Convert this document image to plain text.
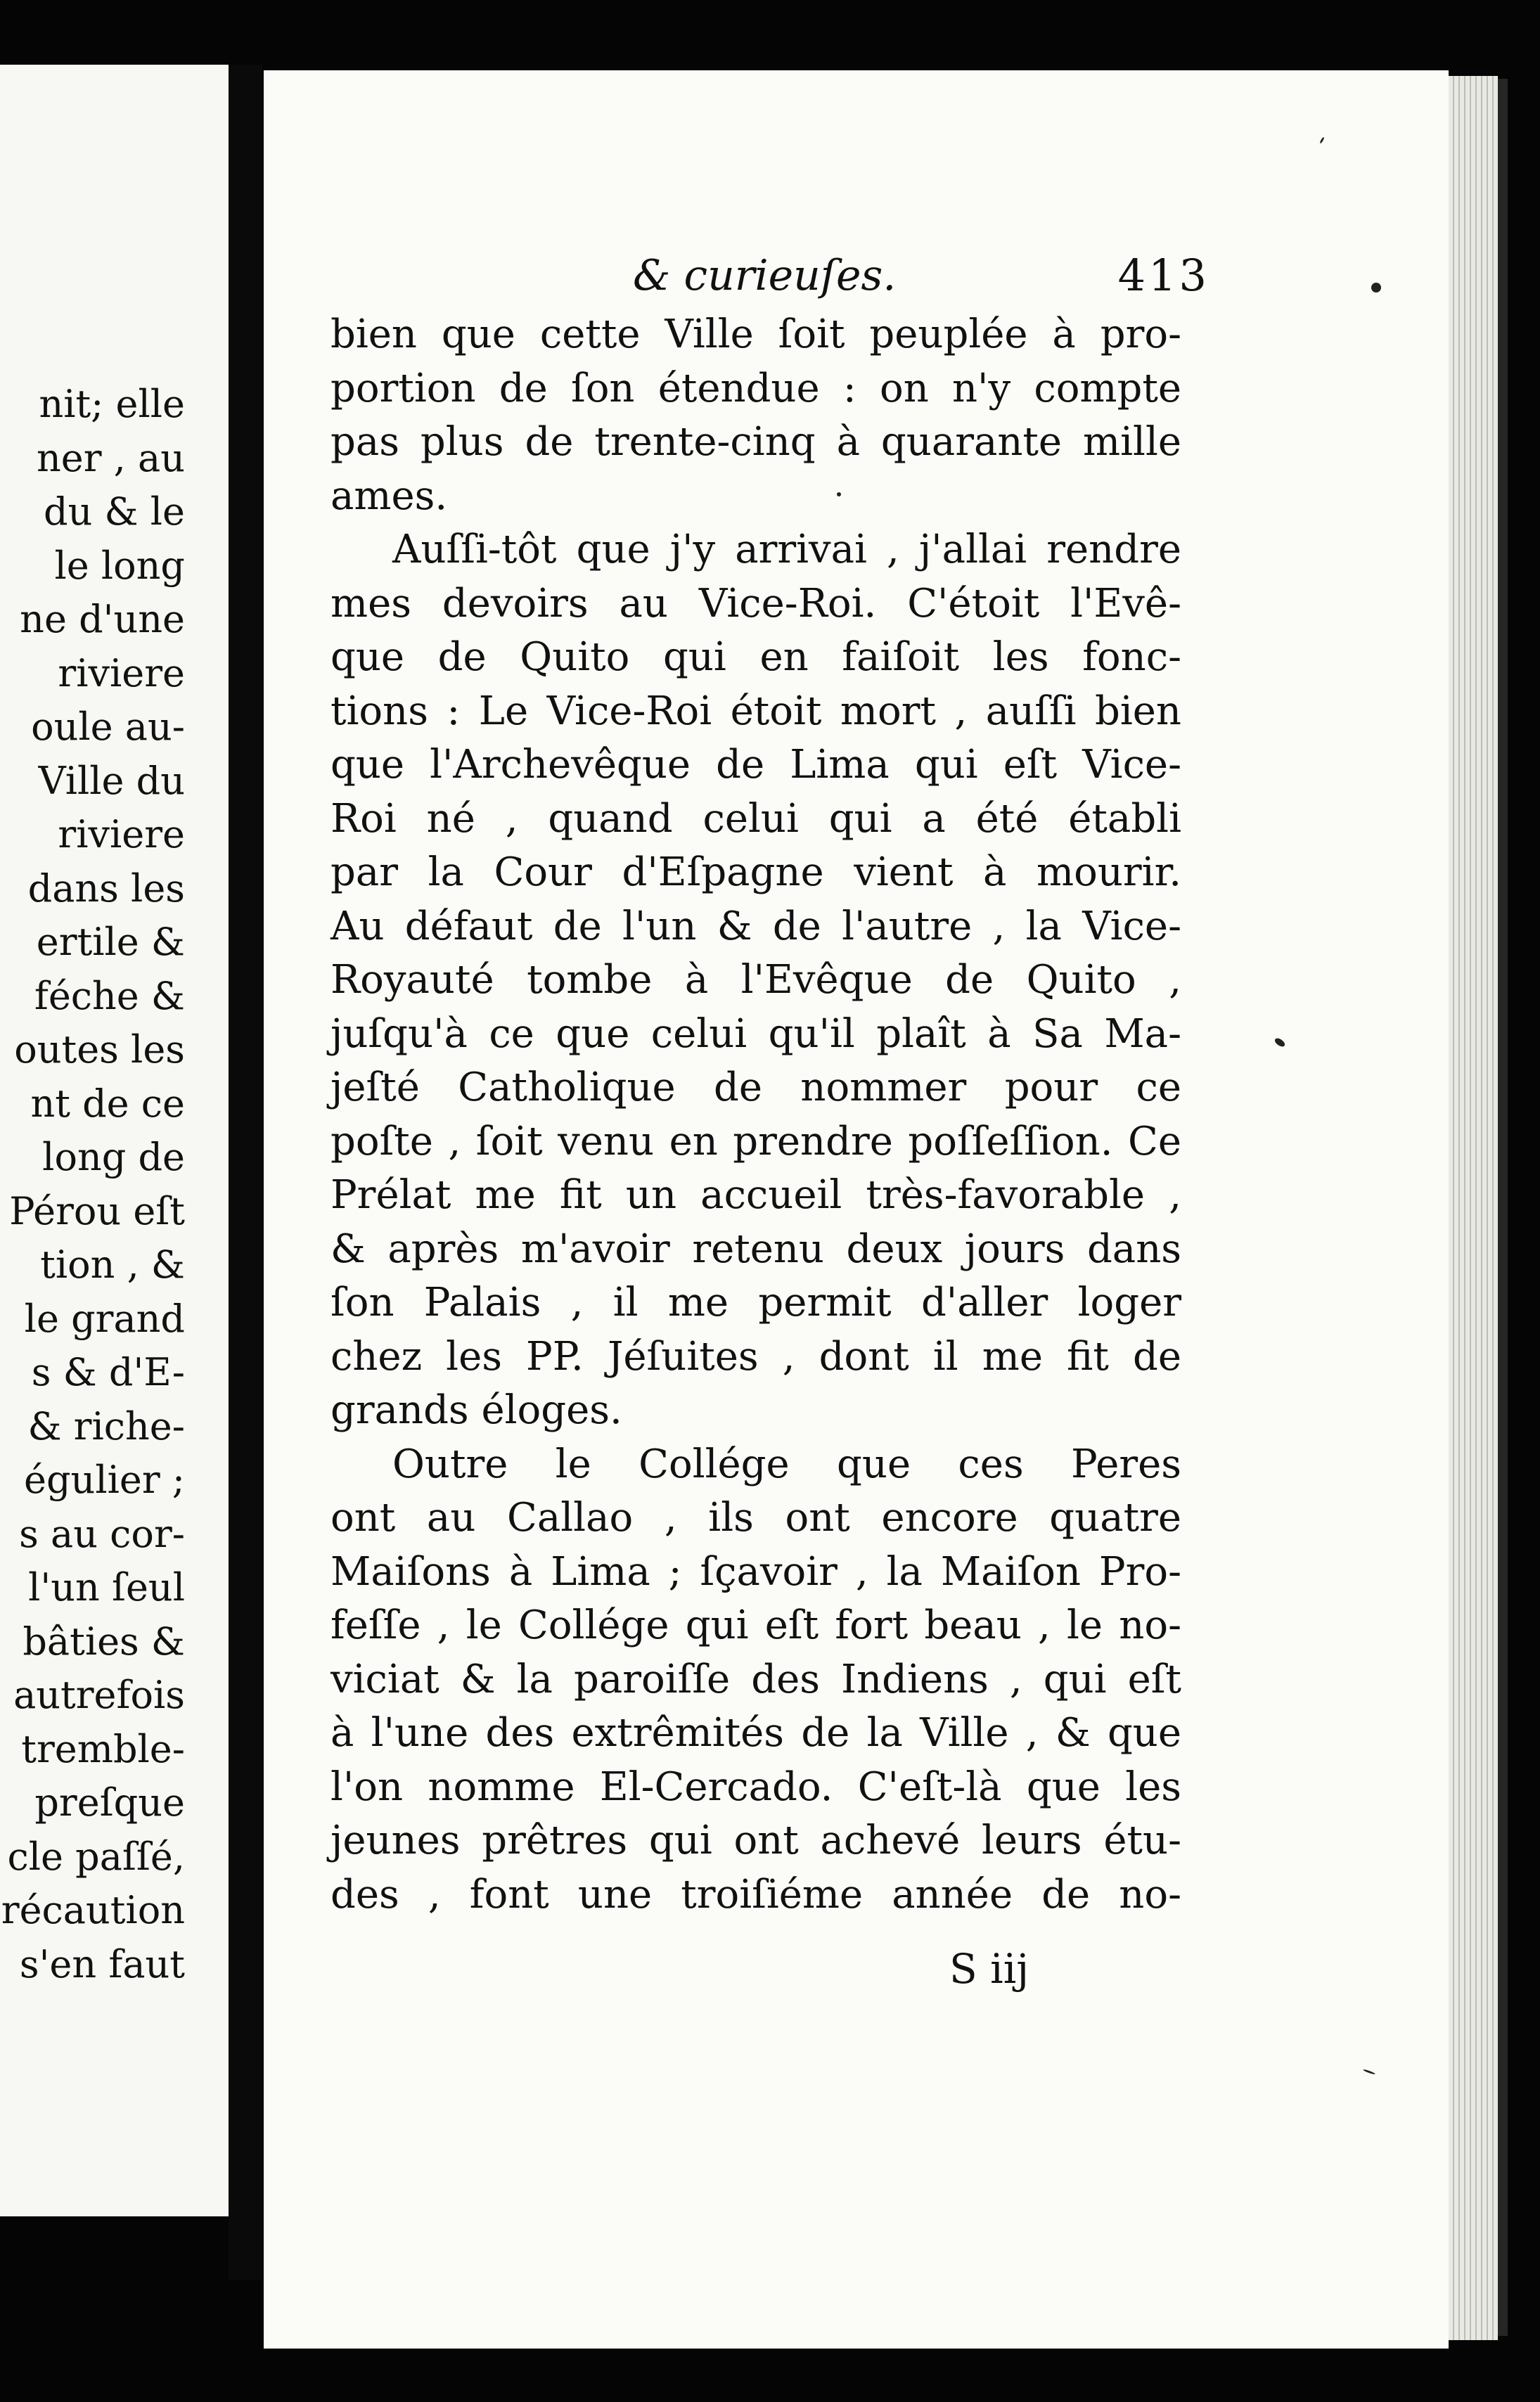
nit; elle
ner , au
du & le
le long
ne d'une
riviere
oule au-
Ville du
riviere
dans les
ertile &
féche &
outes les
nt de ce
long de
Pérou eſt
tion , &
le grand
s & d'E-
& riche-
égulier ;
s au cor-
l'un ſeul
bâties &
autrefois
tremble-
preſque
cle paſſé,
récaution
s'en faut
& curieuſes.	413
bien que cette Ville ſoit peuplée à pro-
portion de ſon étendue : on n'y compte
pas plus de trente-cinq à quarante mille
ames.
Auſſi-tôt que j'y arrivai , j'allai rendre
mes devoirs au Vice-Roi. C'étoit l'Evê-
que de Quito qui en faiſoit les fonc-
tions : Le Vice-Roi étoit mort , auſſi bien
que l'Archevêque de Lima qui eſt Vice-
Roi né , quand celui qui a été établi
par la Cour d'Eſpagne vient à mourir.
Au défaut de l'un & de l'autre , la Vice-
Royauté tombe à l'Evêque de Quito ,
juſqu'à ce que celui qu'il plaît à Sa Ma-
jeſté Catholique de nommer pour ce
poſte , ſoit venu en prendre poſſeſſion. Ce
Prélat me fit un accueil très-favorable ,
& après m'avoir retenu deux jours dans
ſon Palais , il me permit d'aller loger
chez les PP. Jéſuites , dont il me fit de
grands éloges.
Outre le Collége que ces Peres
ont au Callao , ils ont encore quatre
Maiſons à Lima ; ſçavoir , la Maiſon Pro-
feſſe , le Collége qui eſt fort beau , le no-
viciat & la paroiſſe des Indiens , qui eſt
à l'une des extrêmités de la Ville , & que
l'on nomme El-Cercado. C'eſt-là que les
jeunes prêtres qui ont achevé leurs étu-
des , font une troiſiéme année de no-
S iij
